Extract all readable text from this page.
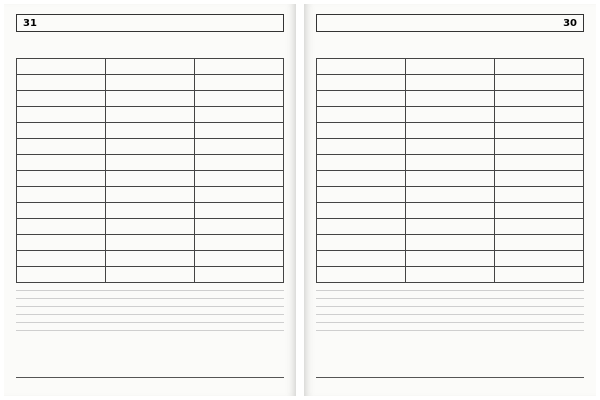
31

			30
